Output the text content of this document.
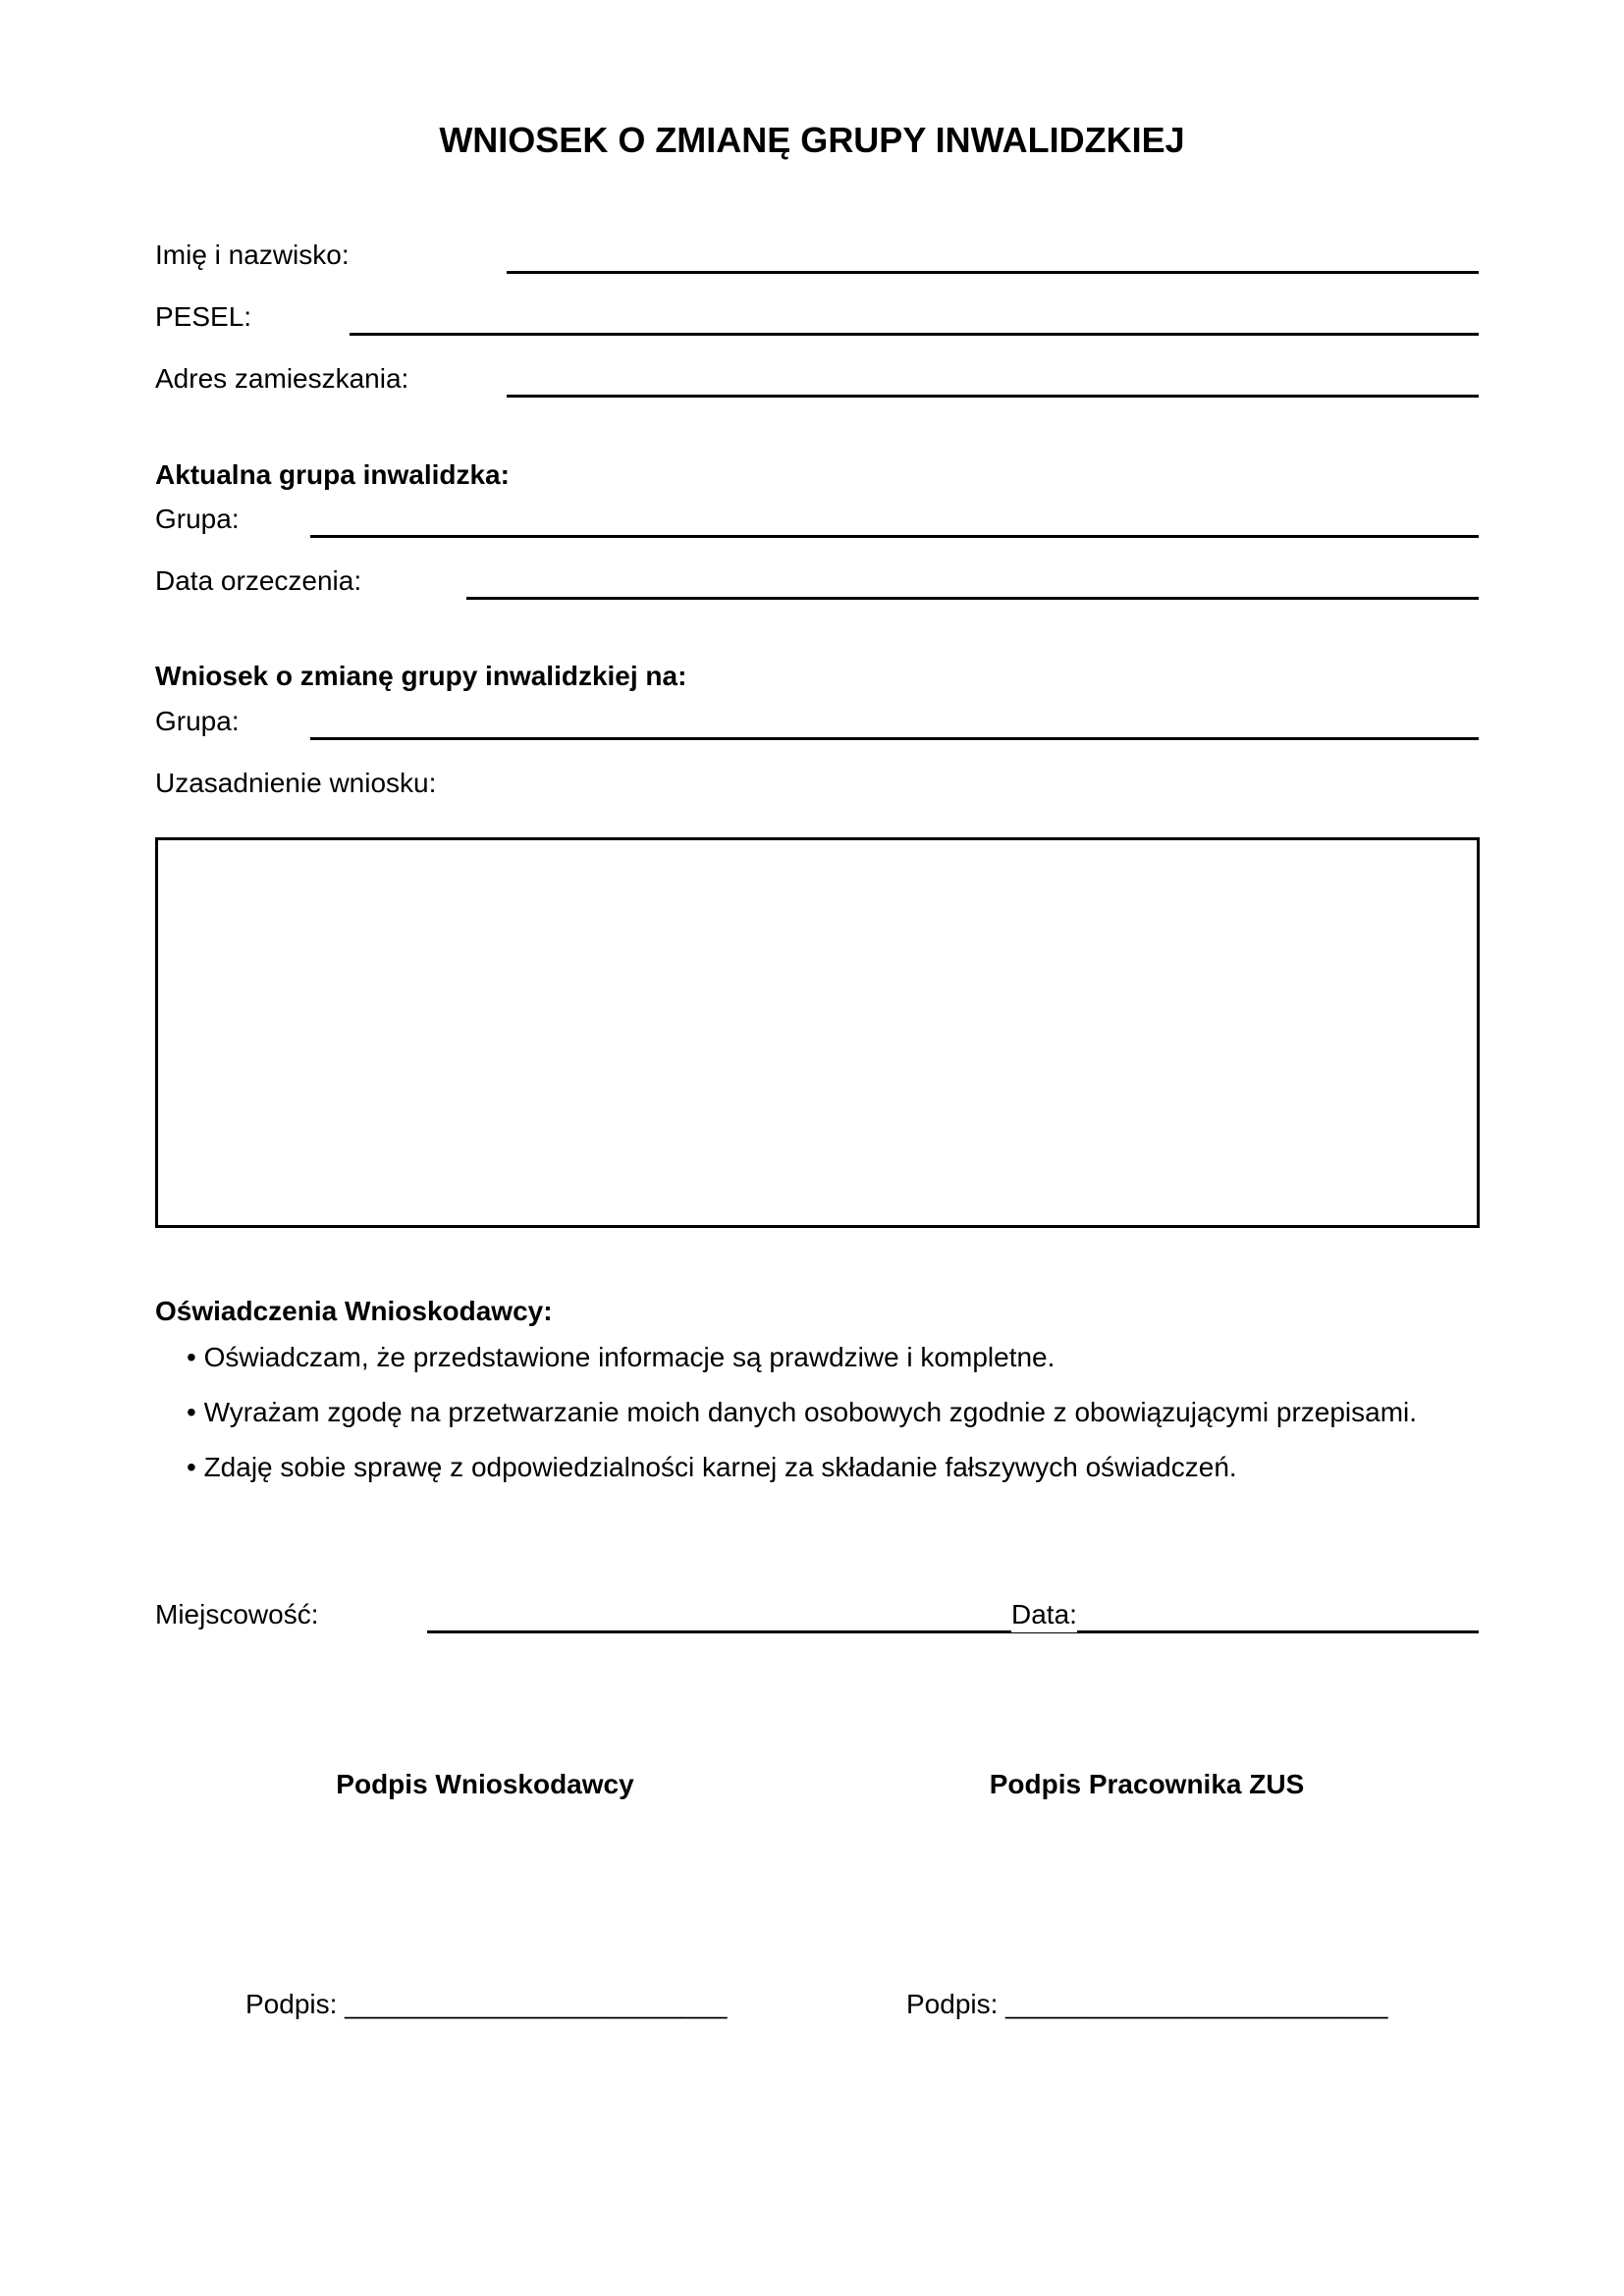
WNIOSEK O ZMIANĘ GRUPY INWALIDZKIEJ
Imię i nazwisko:
PESEL:
Adres zamieszkania:
Aktualna grupa inwalidzka:
Grupa:
Data orzeczenia:
Wniosek o zmianę grupy inwalidzkiej na:
Grupa:
Uzasadnienie wniosku:
Oświadczenia Wnioskodawcy:
• Oświadczam, że przedstawione informacje są prawdziwe i kompletne.
• Wyrażam zgodę na przetwarzanie moich danych osobowych zgodnie z obowiązującymi przepisami.
• Zdaję sobie sprawę z odpowiedzialności karnej za składanie fałszywych oświadczeń.
Miejscowość:	Data:
Podpis Wnioskodawcy	Podpis Pracownika ZUS
Podpis: _________________________	Podpis: _________________________
